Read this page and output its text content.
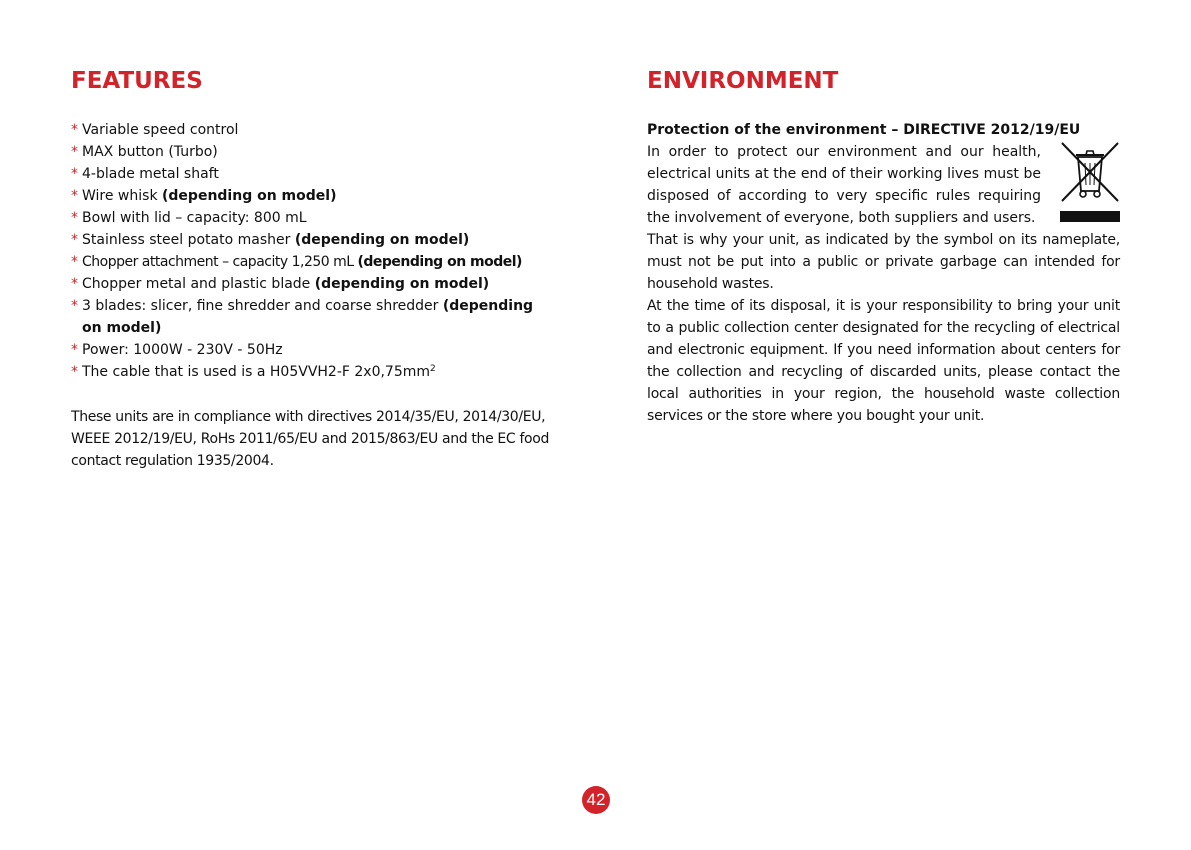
FEATURES
* Variable speed control
* MAX button (Turbo)
* 4-blade metal shaft
* Wire whisk (depending on model)
* Bowl with lid – capacity: 800 mL
* Stainless steel potato masher (depending on model)
* Chopper attachment – capacity 1,250 mL (depending on model)
* Chopper metal and plastic blade (depending on model)
* 3 blades: slicer, fine shredder and coarse shredder (depending on model)
* Power: 1000W - 230V - 50Hz
* The cable that is used is a H05VVH2-F $2x0,75mm^2$

These units are in compliance with directives 2014/35/EU, 2014/30/EU, WEEE 2012/19/EU, RoHs 2011/65/EU and 2015/863/EU and the EC food contact regulation 1935/2004.

ENVIRONMENT
Protection of the environment – DIRECTIVE 2012/19/EU
In order to protect our environment and our health, electrical units at the end of their working lives must be disposed of according to very specific rules requiring the involvement of everyone, both suppliers and users.
That is why your unit, as indicated by the symbol on its nameplate, must not be put into a public or private garbage can intended for household wastes.
At the time of its disposal, it is your responsibility to bring your unit to a public collection center designated for the recycling of electrical and electronic equipment. If you need information about centers for the collection and recycling of discarded units, please contact the local authorities in your region, the household waste collection services or the store where you bought your unit.
42
